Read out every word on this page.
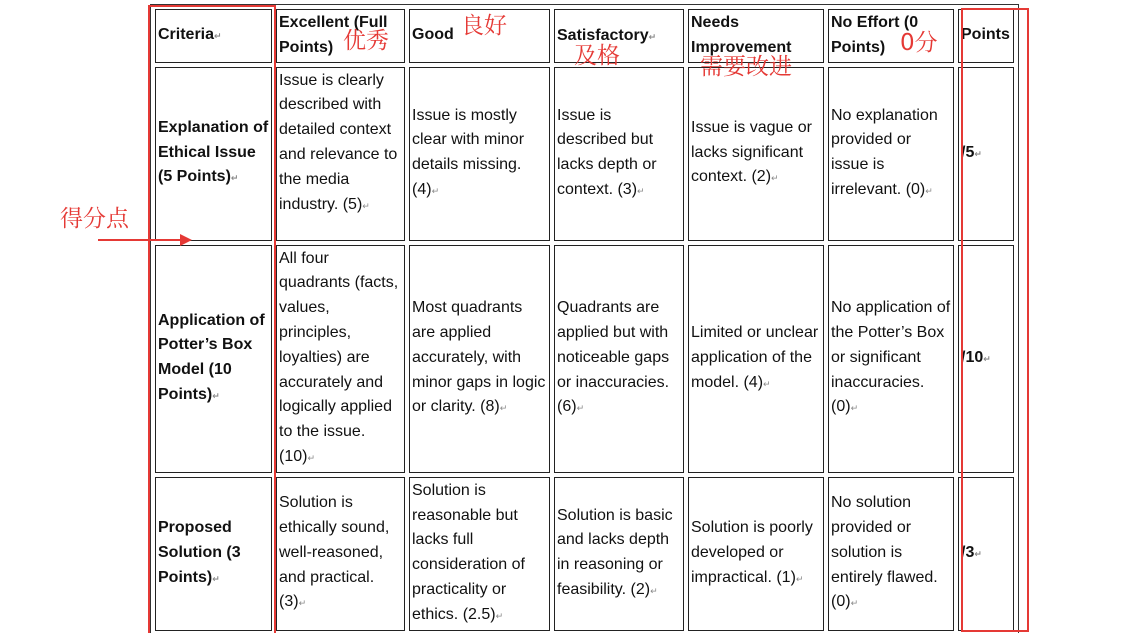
Criteria↵	Excellent (Full Points)	Good	Satisfactory↵	Needs Improvement	No Effort (0 Points)	Points
Explanation of Ethical Issue (5 Points)↵	Issue is clearly described with detailed context and relevance to the media industry. (5)↵	Issue is mostly clear with minor details missing. (4)↵	Issue is described but lacks depth or context. (3)↵	Issue is vague or lacks significant context. (2)↵	No explanation provided or issue is irrelevant. (0)↵	/5↵
Application of Potter’s Box Model (10 Points)↵	All four quadrants (facts, values, principles, loyalties) are accurately and logically applied to the issue. (10)↵	Most quadrants are applied accurately, with minor gaps in logic or clarity. (8)↵	Quadrants are applied but with noticeable gaps or inaccuracies. (6)↵	Limited or unclear application of the model. (4)↵	No application of the Potter’s Box or significant inaccuracies. (0)↵	/10↵
Proposed Solution (3 Points)↵	Solution is ethically sound, well-reasoned, and practical. (3)↵	Solution is reasonable but lacks full consideration of practicality or ethics. (2.5)↵	Solution is basic and lacks depth in reasoning or feasibility. (2)↵	Solution is poorly developed or impractical. (1)↵	No solution provided or solution is entirely flawed. (0)↵	/3↵

优秀
良好
及格	需要改进
0分
得分点
